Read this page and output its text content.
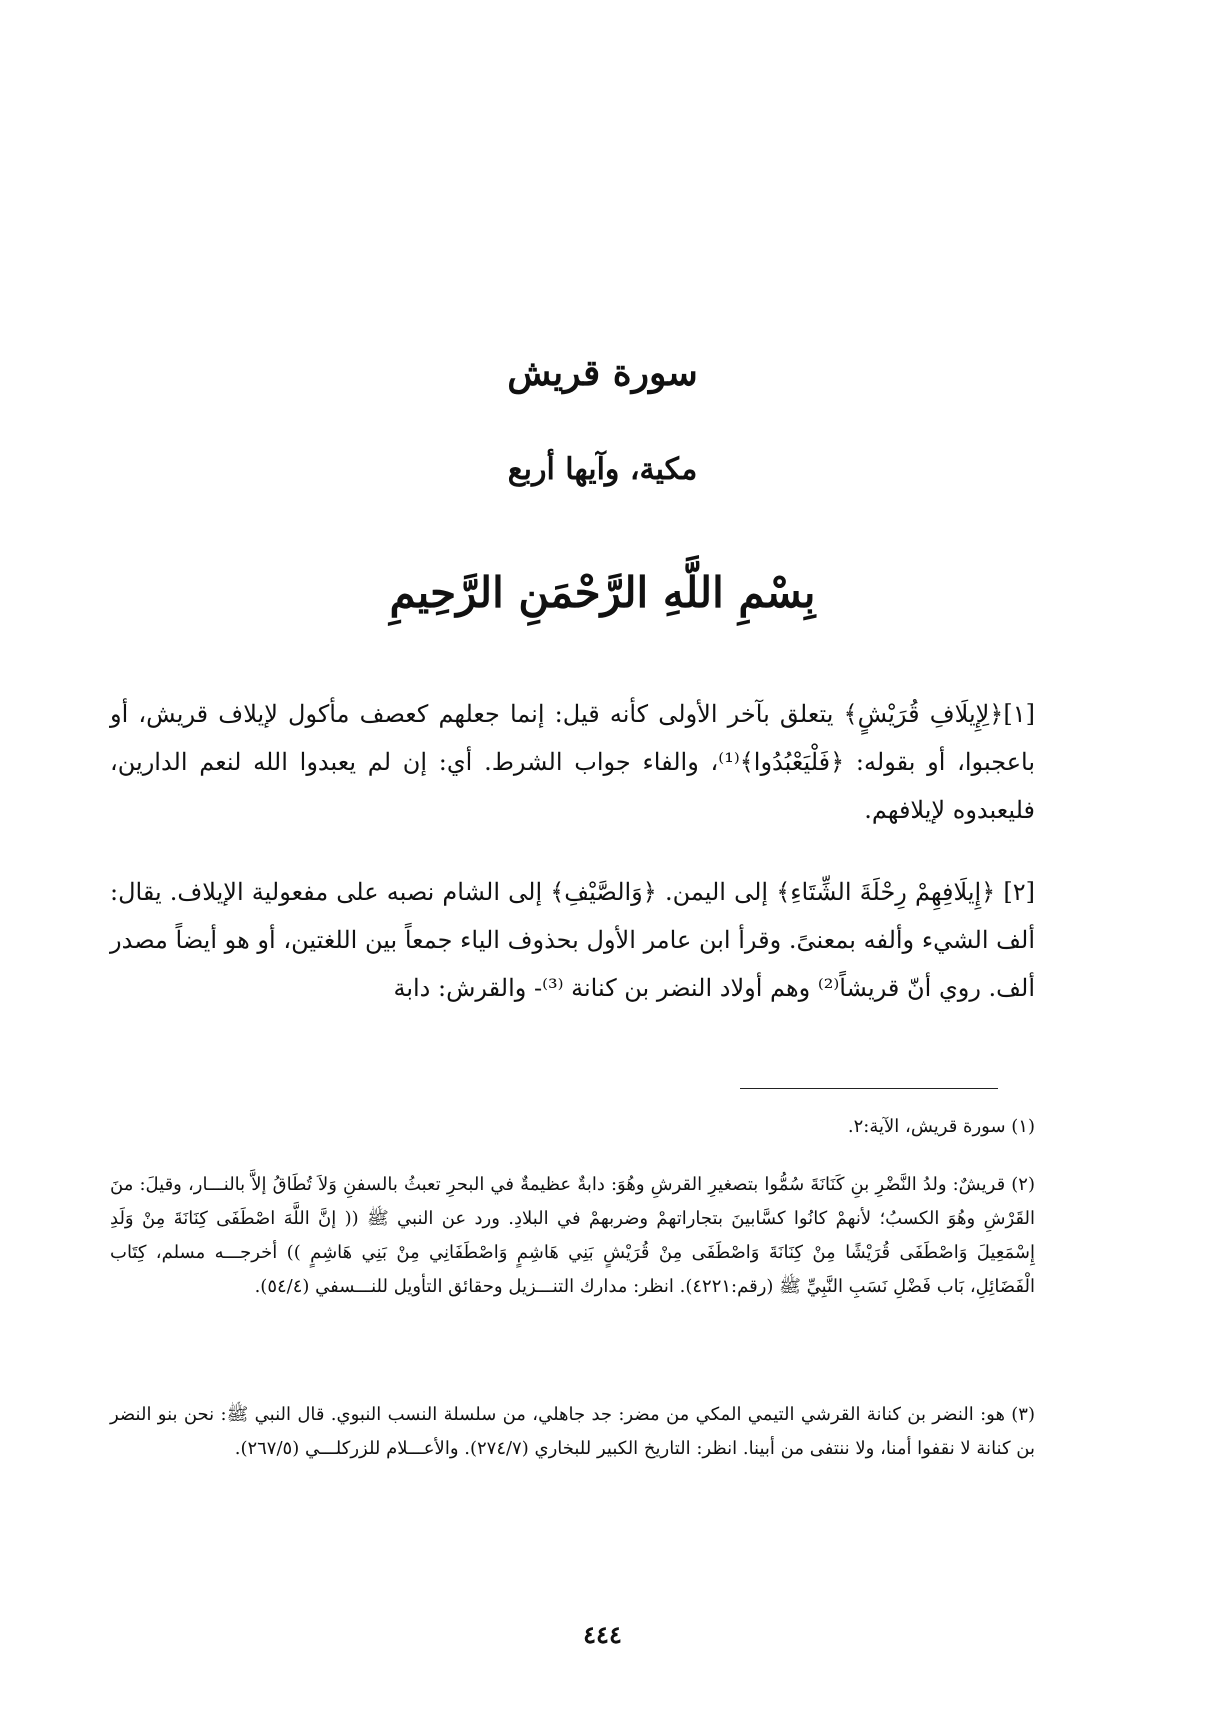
سورة قريش
مكية، وآيها أربع
بِسْمِ اللَّهِ الرَّحْمَنِ الرَّحِيمِ

[١]﴿لِإِيلَافِ قُرَيْشٍ﴾ يتعلق بآخر الأولى كأنه قيل: إنما جعلهم كعصف مأكول لإيلاف قريش، أو باعجبوا، أو بقوله: ﴿فَلْيَعْبُدُوا﴾⁽¹⁾، والفاء جواب الشرط. أي: إن لم يعبدوا الله لنعم الدارين، فليعبدوه لإيلافهم.

[٢] ﴿إِيلَافِهِمْ رِحْلَةَ الشِّتَاءِ﴾ إلى اليمن. ﴿وَالصَّيْفِ﴾ إلى الشام نصبه على مفعولية الإيلاف. يقال: ألف الشيء وألفه بمعنىً. وقرأ ابن عامر الأول بحذوف الياء جمعاً بين اللغتين، أو هو أيضاً مصدر ألف. روي أنّ قريشاً⁽²⁾ وهم أولاد النضر بن كنانة ⁽³⁾- والقرش: دابة

(١) سورة قريش، الآية:٢.

(٢) قريشٌ: ولدُ النَّضْرِ بنِ كَنَانَةَ سُمُّوا بتصغيرِ القرشِ وهُوَ: دابةٌ عظيمةٌ في البحرِ تعبثُ بالسفنِ وَلاَ تُطَاقُ إلاَّ بالنـــار، وقيلَ: منَ القَرْشِ وهُوَ الكسبُ؛ لأنهمْ كانُوا كسَّابينَ بتجاراتهمْ وضربهمْ في البلادِ. ورد عن النبي ﷺ (( إنَّ اللَّهَ اصْطَفَى كِنَانَةَ مِنْ وَلَدِ إِسْمَعِيلَ وَاصْطَفَى قُرَيْشًا مِنْ كِنَانَةَ وَاصْطَفَى مِنْ قُرَيْشٍ بَنِي هَاشِمٍ وَاصْطَفَانِي مِنْ بَنِي هَاشِمٍ )) أخرجـــه مسلم، كِتَاب الْفَضَائِلِ، بَاب فَضْلِ نَسَبِ النَّبِيِّ ﷺ (رقم:٤٢٢١). انظر: مدارك التنـــزيل وحقائق التأويل للنـــسفي (٥٤/٤).

(٣) هو: النضر بن كنانة القرشي التيمي المكي من مضر: جد جاهلي، من سلسلة النسب النبوي. قال النبي ﷺ: نحن بنو النضر بن كنانة لا نقفوا أمنا، ولا ننتفى من أبينا. انظر: التاريخ الكبير للبخاري (٢٧٤/٧). والأعـــلام للزركلـــي (٢٦٧/٥).

٤٤٤
